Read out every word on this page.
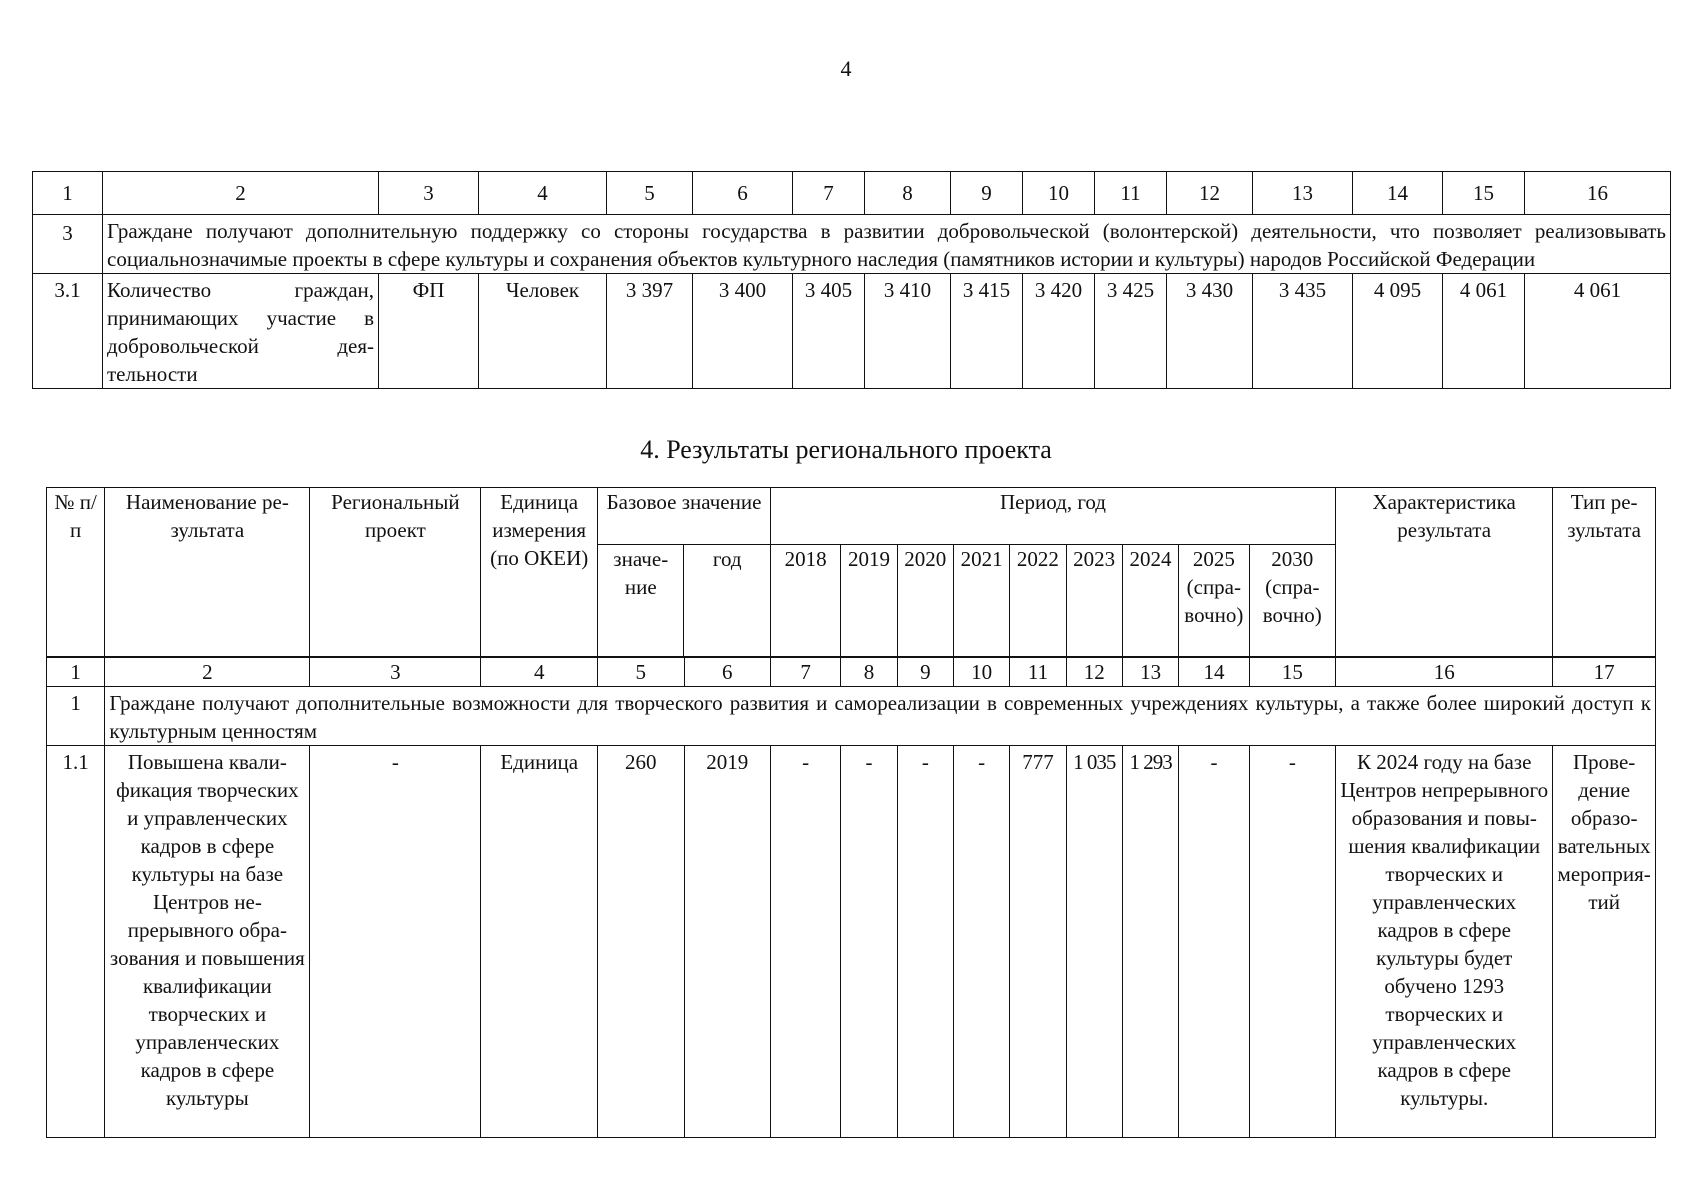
4
1	2	3	4	5	6	7	8	9	10	11	12	13	14	15	16
3	Граждане получают дополнительную поддержку со стороны государства в развитии добровольческой (волонтерской) деятельности, что позволяет реализовывать социальнозначимые проекты в сфере культуры и сохранения объектов культурного наследия (памятников истории и культуры) народов Российской Федерации														
3.1	Количество граждан, принимающих участие в добровольческой деятельности	ФП	Человек	3 397	3 400	3 405	3 410	3 415	3 420	3 425	3 430	3 435	4 095	4 061	4 061
4. Результаты регионального проекта
№ п/п	Наименование результата	Региональный проект	Единица измерения (по ОКЕИ)	Базовое значение		Период, год									Характеристика результата	Тип результата
				значение	год	2018	2019	2020	2021	2022	2023	2024	2025 (справочно)	2030 (справочно)		
1	2	3	4	5	6	7	8	9	10	11	12	13	14	15	16	17
1	Граждане получают дополнительные возможности для творческого развития и самореализации в современных учреждениях культуры, а также более широкий доступ к культурным ценностям															
1.1	Повышена квалификация творческих и управленческих кадров в сфере культуры на базе Центров непрерывного образования и повышения квалификации творческих и управленческих кадров в сфере культуры	-	Единица	260	2019	-	-	-	-	777	1 035	1 293	-	-	К 2024 году на базе Центров непрерывного образования и повышения квалификации творческих и управленческих кадров в сфере культуры будет обучено 1293 творческих и управленческих кадров в сфере культуры.	Проведение образовательных мероприятий
